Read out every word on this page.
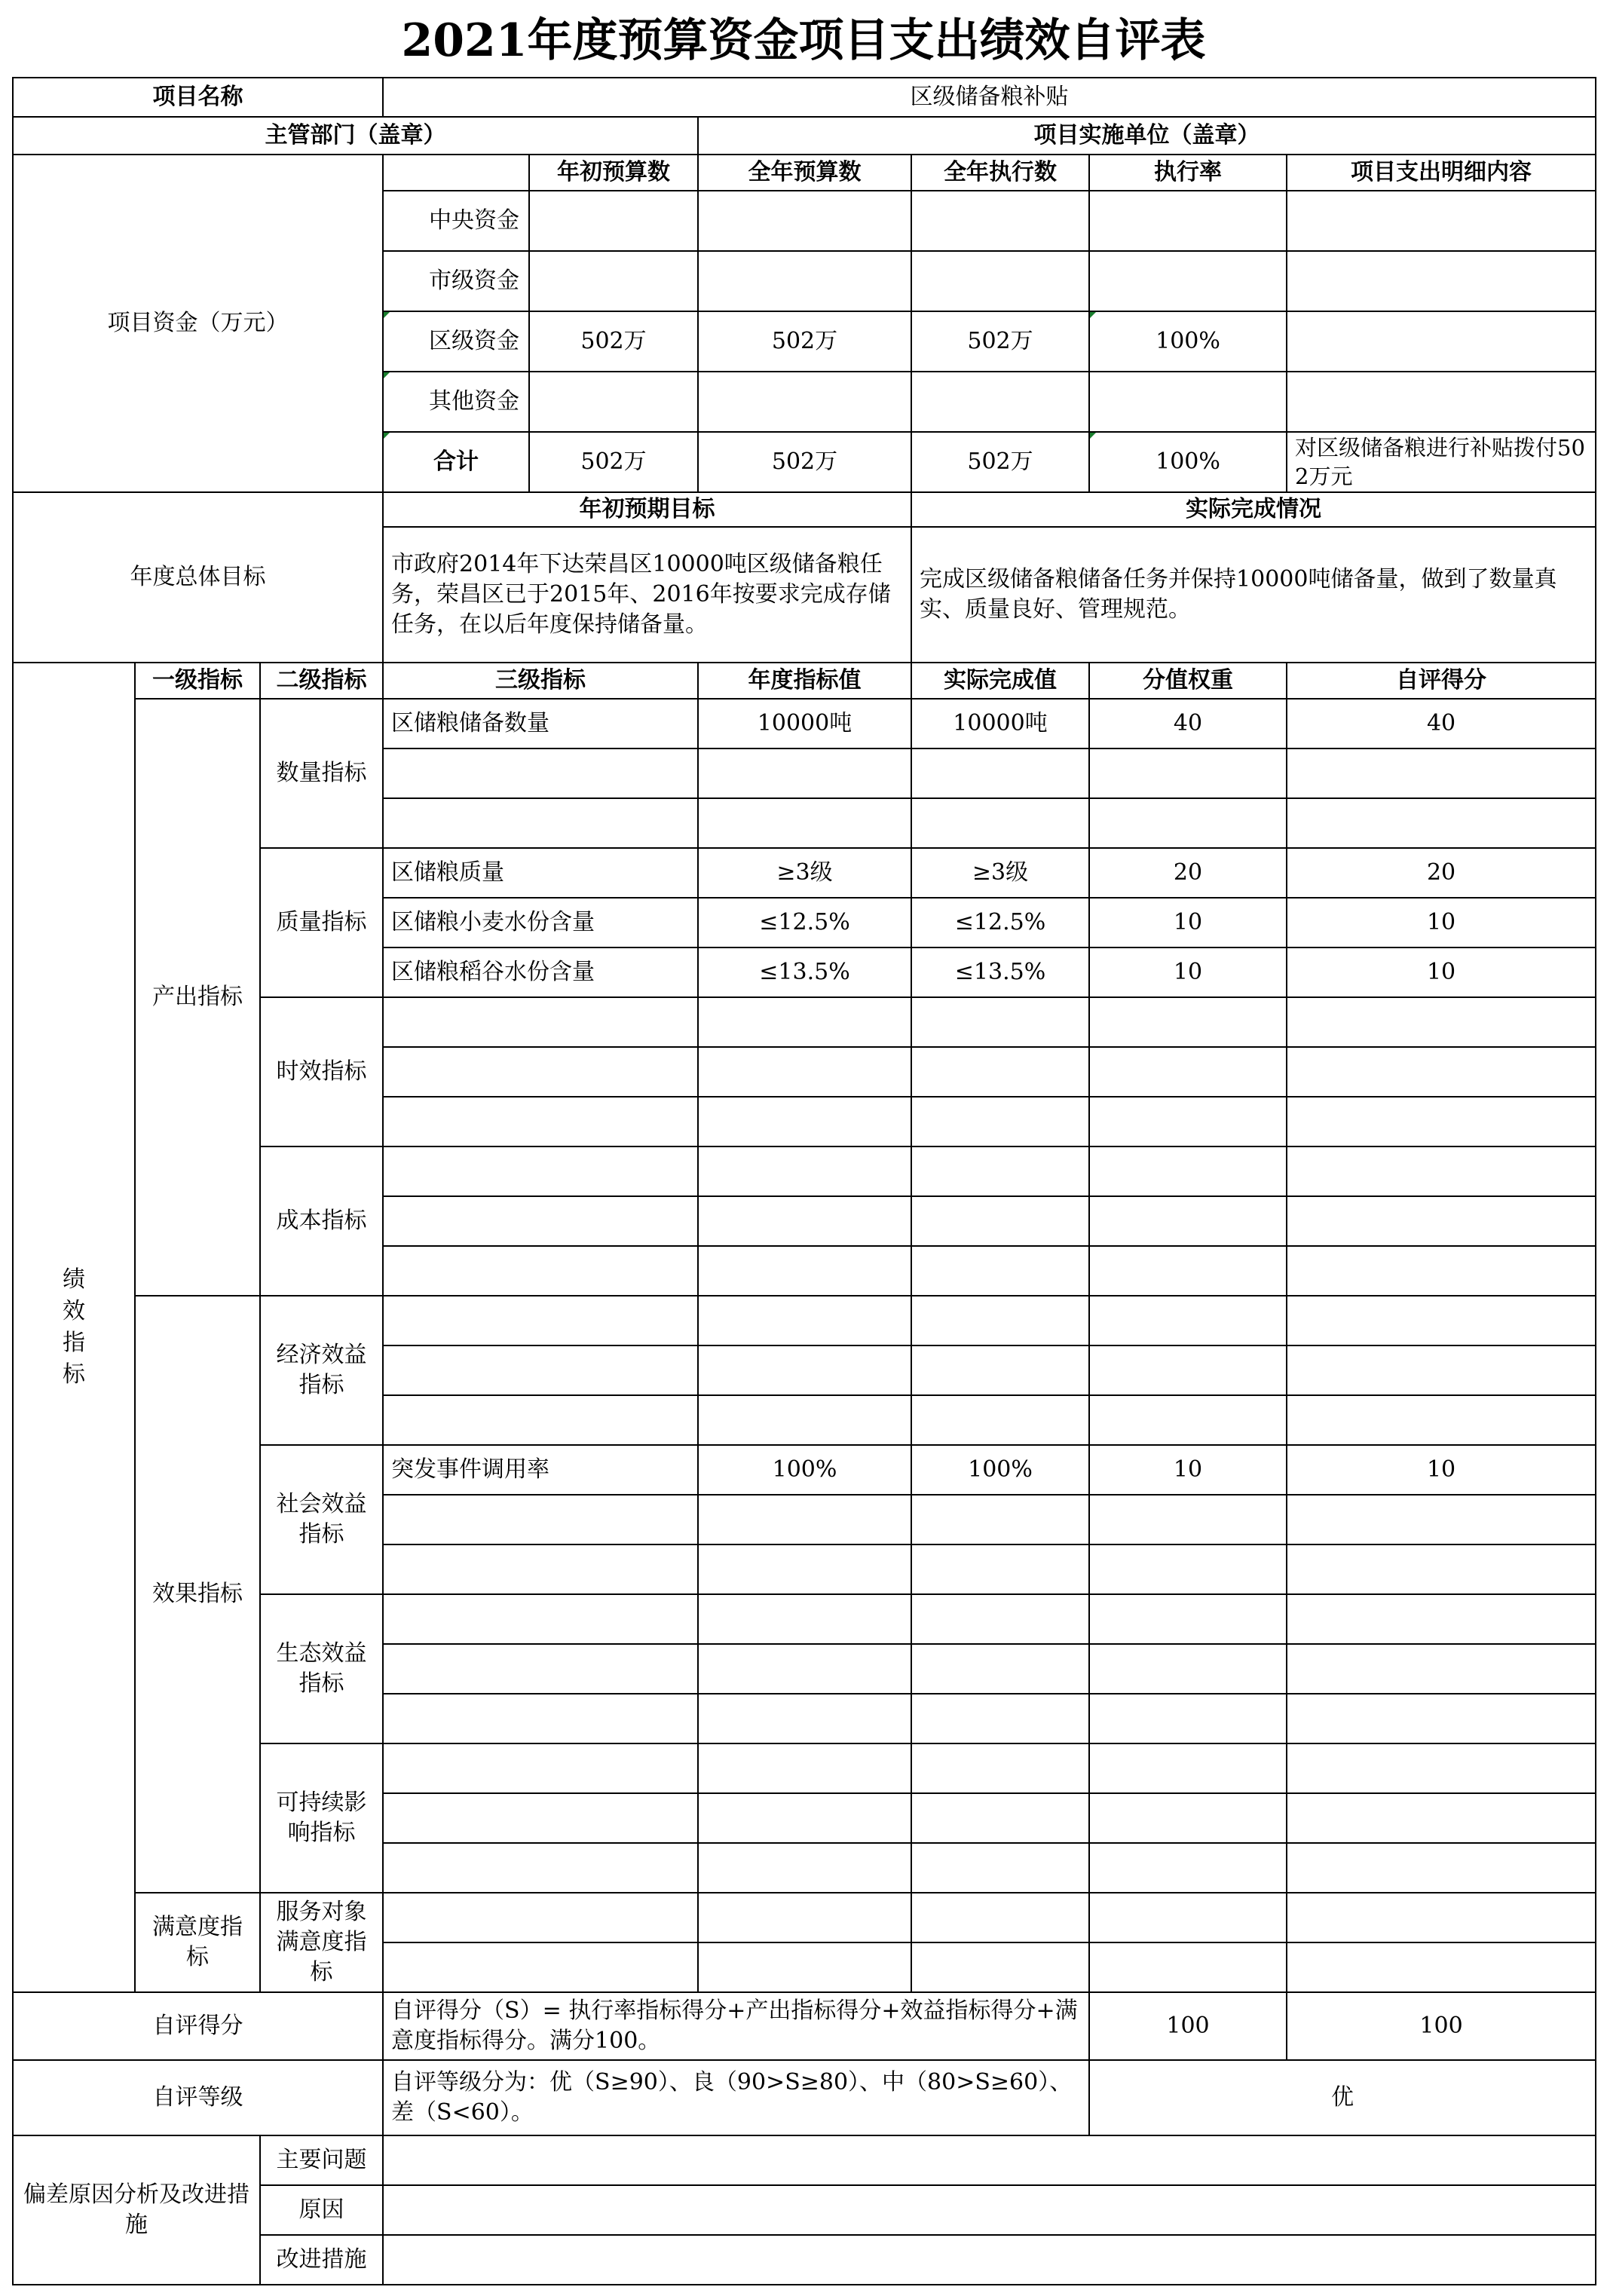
2021年度预算资金项目支出绩效自评表
项目名称			区级储备粮补贴					
主管部门（盖章）					项目实施单位（盖章）			
项目资金（万元）				年初预算数	全年预算数	全年执行数	执行率	项目支出明细内容
			中央资金					
			市级资金					
			区级资金	502万	502万	502万	100%	
			其他资金					
			合计	502万	502万	502万	100%	对区级储备粮进行补贴拨付502万元
年度总体目标			年初预期目标			实际完成情况		
			市政府2014年下达荣昌区10000吨区级储备粮任务，荣昌区已于2015年、2016年按要求完成存储任务，在以后年度保持储备量。			完成区级储备粮储备任务并保持10000吨储备量，做到了数量真实、质量良好、管理规范。		

绩效指标	一级指标	二级指标	三级指标		年度指标值	实际完成值	分值权重	自评得分
	产出指标	数量指标	区储粮储备数量		10000吨	10000吨	40	40

		质量指标	区储粮质量		≥3级	≥3级	20	20
			区储粮小麦水份含量		≤12.5%	≤12.5%	10	10
			区储粮稻谷水份含量		≤13.5%	≤13.5%	10	10
		时效指标						

		成本指标						

	效果指标	经济效益指标						

		社会效益指标	突发事件调用率		100%	100%	10	10

		生态效益指标						

		可持续影响指标						

	满意度指标	服务对象满意度指标						

自评得分			自评得分（S）= 执行率指标得分+产出指标得分+效益指标得分+满意度指标得分。满分100。				100	100
自评等级			自评等级分为：优（S≥90）、良（90>S≥80）、中（80>S≥60）、差（S<60）。				优	
偏差原因分析及改进措施		主要问题						
		原因						
		改进措施						
